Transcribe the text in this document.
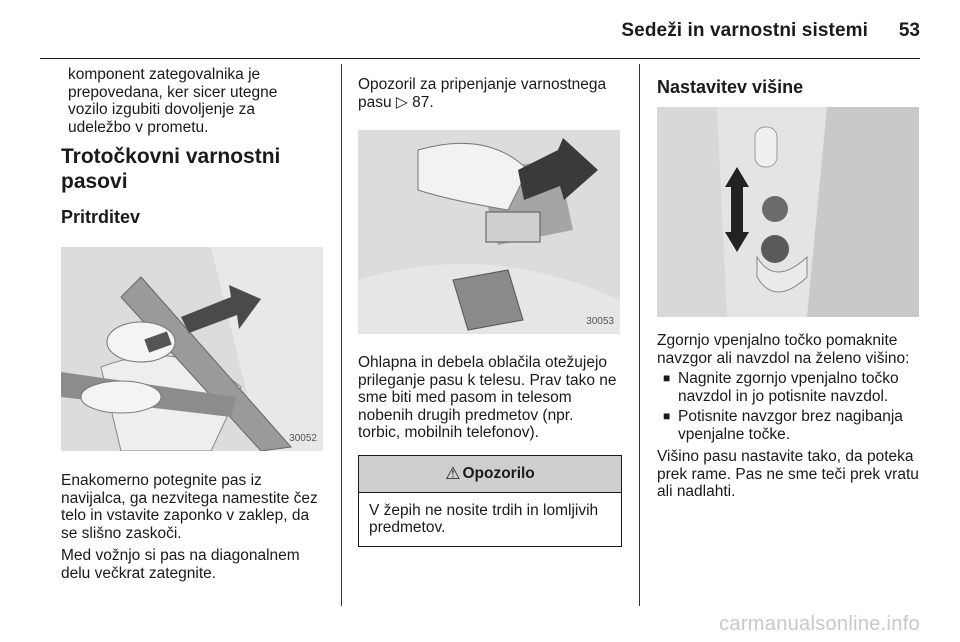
Sedeži in varnostni sistemi 53
komponent zategovalnika je
prepovedana, ker sicer utegne
vozilo izgubiti dovoljenje za
udeležbo v prometu.
Trotočkovni varnostni
pasovi
Pritrditev
30052
Enakomerno potegnite pas iz
navijalca, ga nezvitega namestite čez
telo in vstavite zaponko v zaklep, da
se slišno zaskoči.
Med vožnjo si pas na diagonalnem
delu večkrat zategnite.
Opozoril za pripenjanje varnostnega
pasu ▷ 87.
30053
Ohlapna in debela oblačila otežujejo
prileganje pasu k telesu. Prav tako ne
sme biti med pasom in telesom
nobenih drugih predmetov (npr.
torbic, mobilnih telefonov).
⚠ Opozorilo
V žepih ne nosite trdih in lomljivih
predmetov.
Nastavitev višine
Zgornjo vpenjalno točko pomaknite
navzgor ali navzdol na želeno višino:
■ Nagnite zgornjo vpenjalno točko
navzdol in jo potisnite navzdol.
■ Potisnite navzgor brez nagibanja
vpenjalne točke.
Višino pasu nastavite tako, da poteka
prek rame. Pas ne sme teči prek vratu
ali nadlahti.
carmanualsonline.info
